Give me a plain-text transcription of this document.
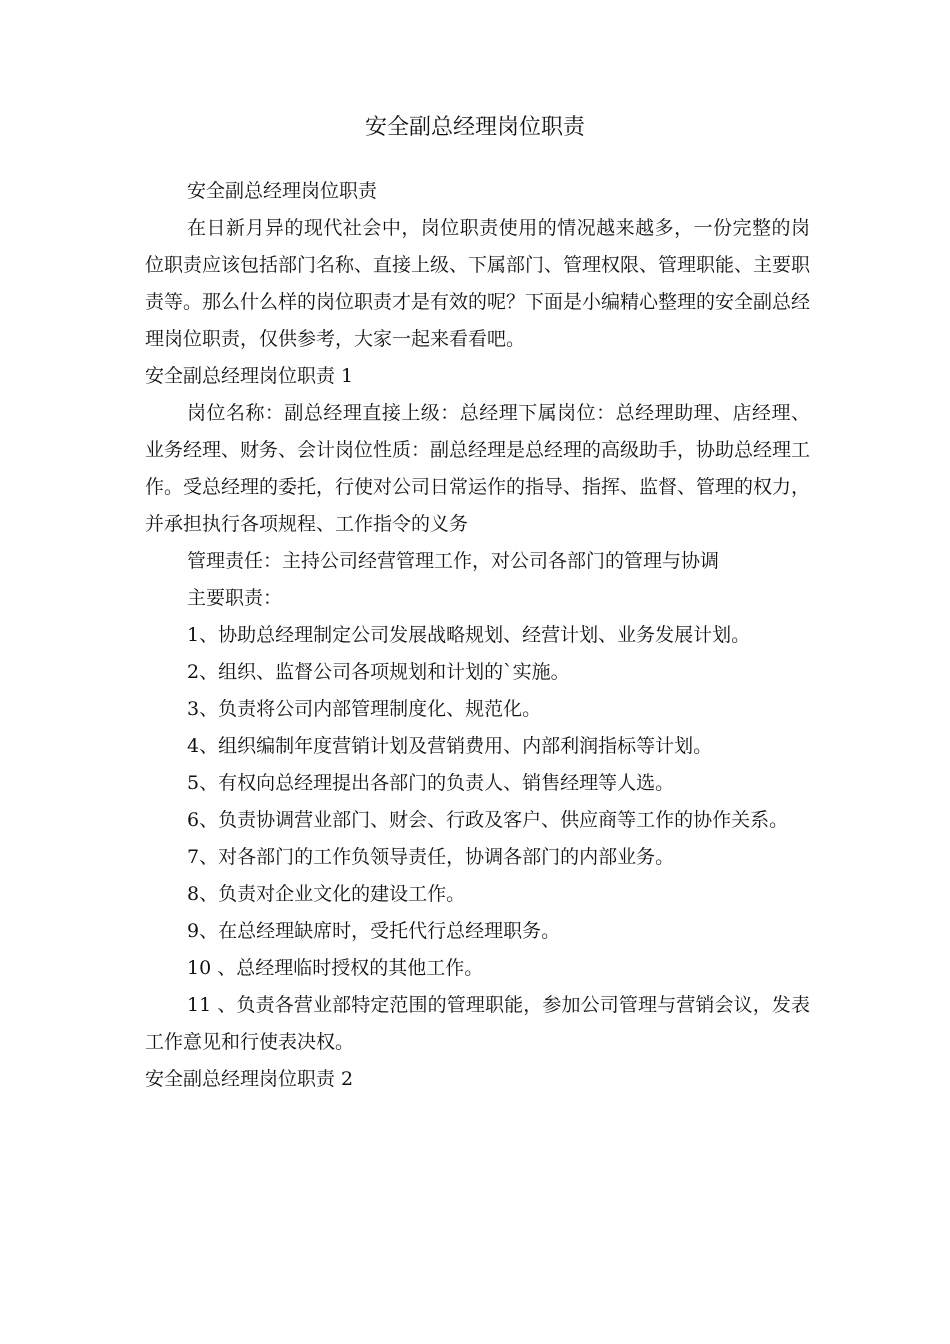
安全副总经理岗位职责

安全副总经理岗位职责

在日新月异的现代社会中，岗位职责使用的情况越来越多，一份完整的岗位职责应该包括部门名称、直接上级、下属部门、管理权限、管理职能、主要职责等。那么什么样的岗位职责才是有效的呢？下面是小编精心整理的安全副总经理岗位职责，仅供参考，大家一起来看看吧。

安全副总经理岗位职责 1

岗位名称：副总经理直接上级：总经理下属岗位：总经理助理、店经理、业务经理、财务、会计岗位性质：副总经理是总经理的高级助手，协助总经理工作。受总经理的委托，行使对公司日常运作的指导、指挥、监督、管理的权力，并承担执行各项规程、工作指令的义务

管理责任：主持公司经营管理工作，对公司各部门的管理与协调

主要职责：

1、协助总经理制定公司发展战略规划、经营计划、业务发展计划。

2、组织、监督公司各项规划和计划的`实施。

3、负责将公司内部管理制度化、规范化。

4、组织编制年度营销计划及营销费用、内部利润指标等计划。

5、有权向总经理提出各部门的负责人、销售经理等人选。

6、负责协调营业部门、财会、行政及客户、供应商等工作的协作关系。

7、对各部门的工作负领导责任，协调各部门的内部业务。

8、负责对企业文化的建设工作。

9、在总经理缺席时，受托代行总经理职务。

10 、总经理临时授权的其他工作。

11 、负责各营业部特定范围的管理职能，参加公司管理与营销会议，发表工作意见和行使表决权。

安全副总经理岗位职责 2
